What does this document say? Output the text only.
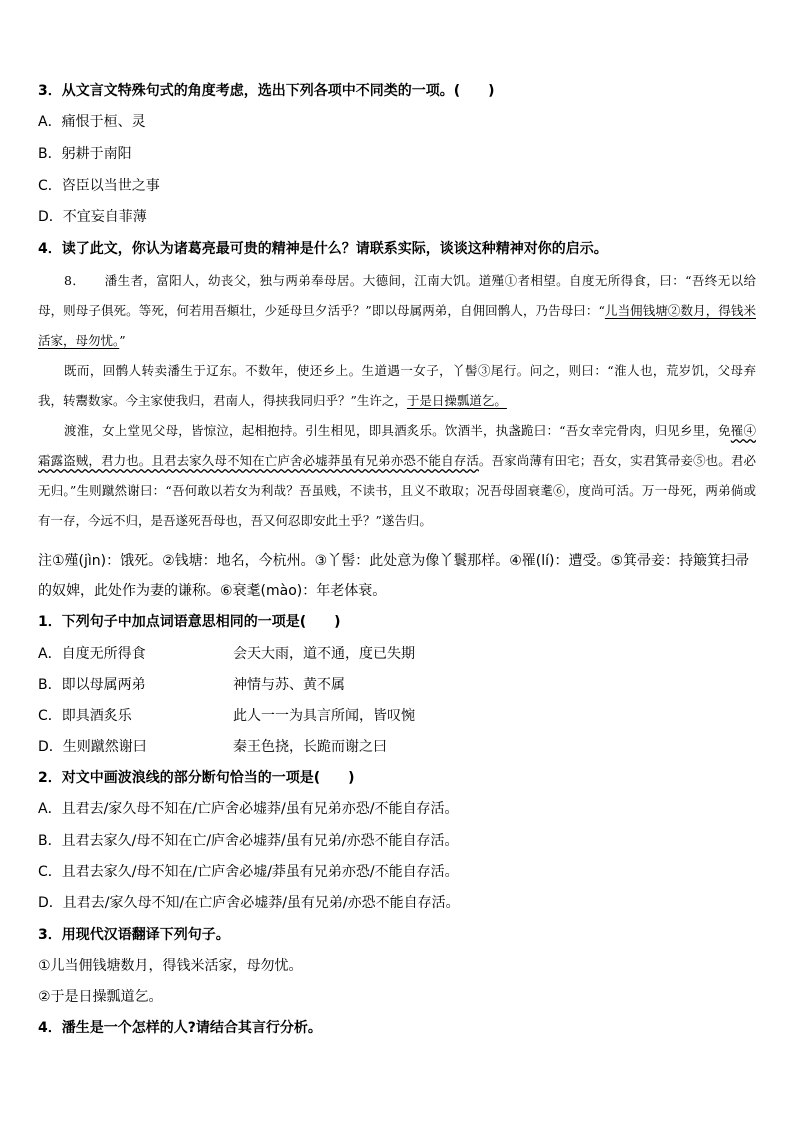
3．从文言文特殊句式的角度考虑，选出下列各项中不同类的一项。(　　)
A．痛恨于桓、灵
B．躬耕于南阳
C．咨臣以当世之事
D．不宜妄自菲薄
4．读了此文，你认为诸葛亮最可贵的精神是什么？请联系实际，谈谈这种精神对你的启示。

8．　　潘生者，富阳人，幼丧父，独与两弟奉母居。大德间，江南大饥。道殣①者相望。自度无所得食，曰：“吾终无以给母，则母子俱死。等死，何若用吾頫壮，少延母旦夕活乎？”即以母属两弟，自佣回鹘人，乃告母曰：“儿当佣钱塘②数月，得钱米活家，母勿忧。”

既而，回鹘人转卖潘生于辽东。不数年，使还乡上。生道遇一女子，丫髻③尾行。问之，则曰：“淮人也，荒岁饥，父母弃我，转鬻数家。今主家使我归，君南人，得挟我同归乎？”生许之，于是日操瓢道乞。

渡淮，女上堂见父母，皆惊泣，起相抱持。引生相见，即具酒炙乐。饮酒半，执盏跪曰：“吾女幸完骨肉，归见乡里，免罹④霜露盗贼，君力也。且君去家久母不知在亡庐舍必墟莽虽有兄弟亦恐不能自存活。吾家尚薄有田宅；吾女，实君箕帚妾⑤也。君必无归。”生则蹴然谢曰：“吾何敢以若女为利哉？吾虽贱，不读书，且义不敢取；况吾母固衰耄⑥，度尚可活。万一母死，两弟倘或有一存，今远不归，是吾遂死吾母也，吾又何忍即安此土乎？”遂告归。

注①殣(jìn)：饿死。②钱塘：地名，今杭州。③丫髻：此处意为像丫鬟那样。④罹(lí)：遭受。⑤箕帚妾：持簸箕扫帚的奴婢，此处作为妻的谦称。⑥衰耄(mào)：年老体衰。
1．下列句子中加点词语意思相同的一项是(　　)
A．自度无所得食	会天大雨，道不通，度已失期
B．即以母属两弟	神情与苏、黄不属
C．即具酒炙乐	此人一一为具言所闻，皆叹惋
D．生则蹴然谢曰	秦王色挠，长跪而谢之曰
2．对文中画波浪线的部分断句恰当的一项是(　　)
A．且君去/家久母不知在/亡庐舍必墟莽/虽有兄弟亦恐/不能自存活。
B．且君去家久/母不知在亡/庐舍必墟莽/虽有兄弟/亦恐不能自存活。
C．且君去家久/母不知在/亡庐舍必墟/莽虽有兄弟亦恐/不能自存活。
D．且君去/家久母不知/在亡庐舍必墟莽/虽有兄弟/亦恐不能自存活。
3．用现代汉语翻译下列句子。
①儿当佣钱塘数月，得钱米活家，母勿忧。
②于是日操瓢道乞。
4．潘生是一个怎样的人?请结合其言行分析。
